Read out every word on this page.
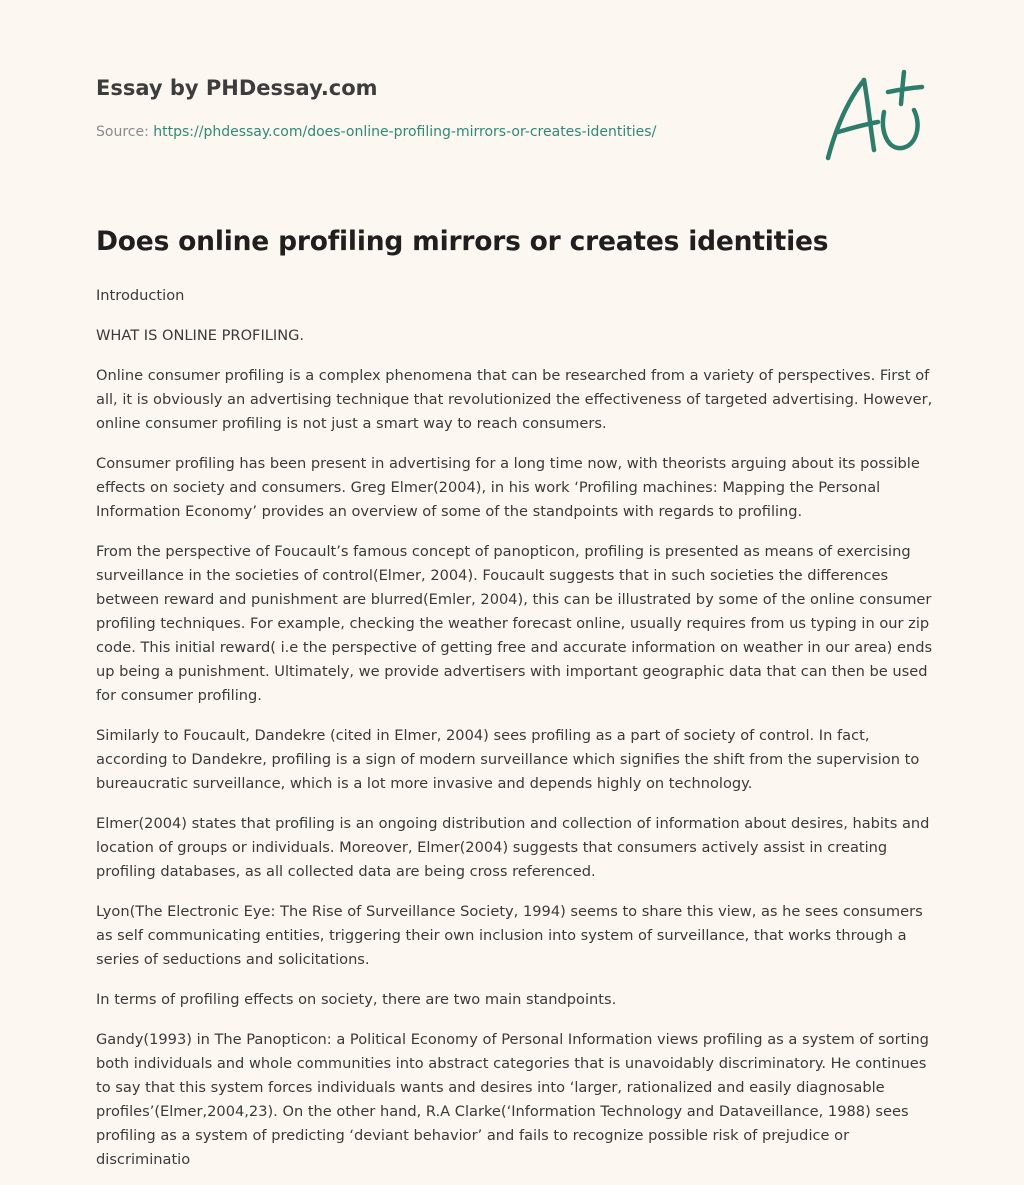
Essay by PHDessay.com
Source: https://phdessay.com/does-online-profiling-mirrors-or-creates-identities/
Does online profiling mirrors or creates identities

Introduction

WHAT IS ONLINE PROFILING.

Online consumer profiling is a complex phenomena that can be researched from a variety of perspectives. First of all, it is obviously an advertising technique that revolutionized the effectiveness of targeted advertising. However, online consumer profiling is not just a smart way to reach consumers.

Consumer profiling has been present in advertising for a long time now, with theorists arguing about its possible effects on society and consumers. Greg Elmer(2004), in his work ‘Profiling machines: Mapping the Personal Information Economy’ provides an overview of some of the standpoints with regards to profiling.

From the perspective of Foucault’s famous concept of panopticon, profiling is presented as means of exercising surveillance in the societies of control(Elmer, 2004). Foucault suggests that in such societies the differences between reward and punishment are blurred(Emler, 2004), this can be illustrated by some of the online consumer profiling techniques. For example, checking the weather forecast online, usually requires from us typing in our zip code. This initial reward( i.e the perspective of getting free and accurate information on weather in our area) ends up being a punishment. Ultimately, we provide advertisers with important geographic data that can then be used for consumer profiling.

Similarly to Foucault, Dandekre (cited in Elmer, 2004) sees profiling as a part of society of control. In fact, according to Dandekre, profiling is a sign of modern surveillance which signifies the shift from the supervision to bureaucratic surveillance, which is a lot more invasive and depends highly on technology.

Elmer(2004) states that profiling is an ongoing distribution and collection of information about desires, habits and location of groups or individuals. Moreover, Elmer(2004) suggests that consumers actively assist in creating profiling databases, as all collected data are being cross referenced.

Lyon(The Electronic Eye: The Rise of Surveillance Society, 1994) seems to share this view, as he sees consumers as self communicating entities, triggering their own inclusion into system of surveillance, that works through a series of seductions and solicitations.

In terms of profiling effects on society, there are two main standpoints.

Gandy(1993) in The Panopticon: a Political Economy of Personal Information views profiling as a system of sorting both individuals and whole communities into abstract categories that is unavoidably discriminatory. He continues to say that this system forces individuals wants and desires into ‘larger, rationalized and easily diagnosable profiles’(Elmer,2004,23). On the other hand, R.A Clarke(‘Information Technology and Dataveillance, 1988) sees profiling as a system of predicting ‘deviant behavior’ and fails to recognize possible risk of prejudice or discriminatio
